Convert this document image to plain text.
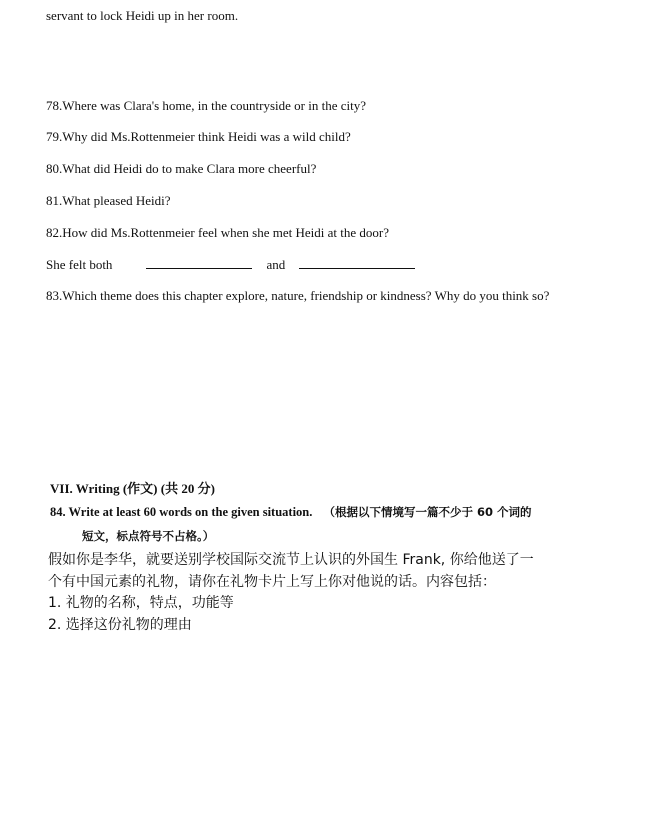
servant to lock Heidi up in her room.
78.Where was Clara's home, in the countryside or in the city?
79.Why did Ms.Rottenmeier think Heidi was a wild child?
80.What did Heidi do to make Clara more cheerful?
81.What pleased Heidi?
82.How did Ms.Rottenmeier feel when she met Heidi at the door?
She felt both	and
83.Which theme does this chapter explore, nature, friendship or kindness? Why do you think so?
VII. Writing (作文) (共 20 分)
84. Write at least 60 words on the given situation. （根据以下情境写一篇不少于 60 个词的
短文，标点符号不占格。）
假如你是李华，就要送别学校国际交流节上认识的外国生 Frank, 你给他送了一
个有中国元素的礼物，请你在礼物卡片上写上你对他说的话。内容包括：
1. 礼物的名称，特点，功能等
2. 选择这份礼物的理由
